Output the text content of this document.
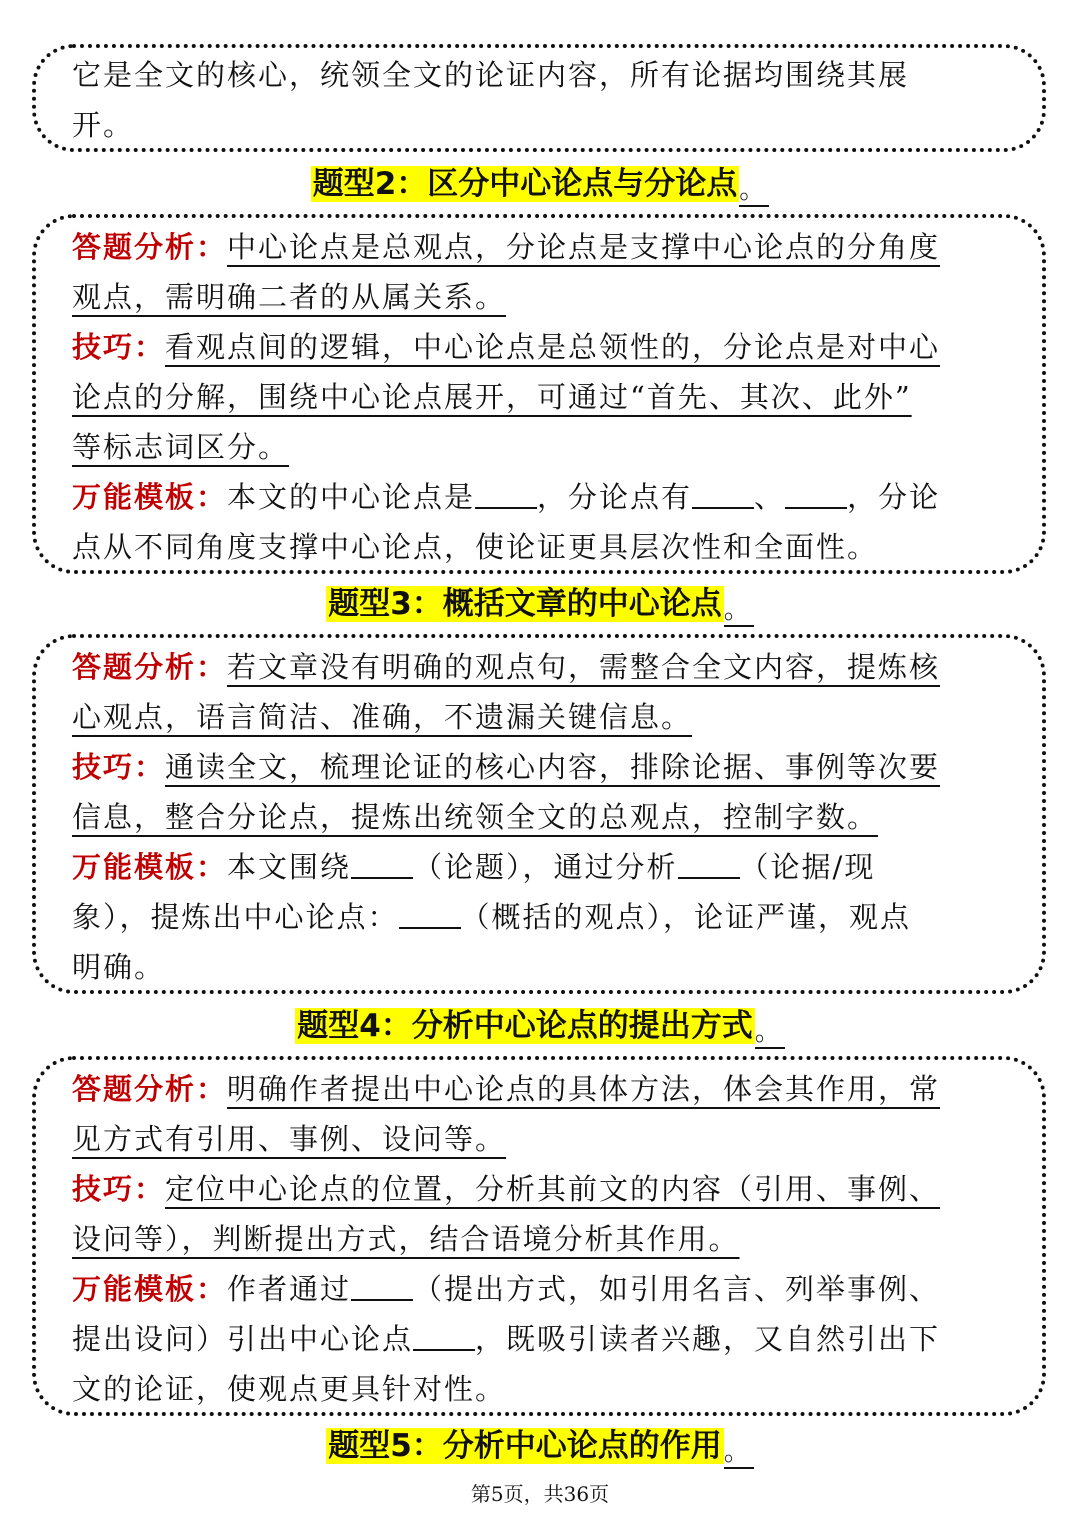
它是全文的核心，统领全文的论证内容，所有论据均围绕其展

开。

题型2：区分中心论点与分论点。

答题分析：中心论点是总观点，分论点是支撑中心论点的分角度

观点，需明确二者的从属关系。

技巧：看观点间的逻辑，中心论点是总领性的，分论点是对中心

论点的分解，围绕中心论点展开，可通过“首先、其次、此外”

等标志词区分。

万能模板：本文的中心论点是 ，分论点有 、 ，分论

点从不同角度支撑中心论点，使论证更具层次性和全面性。

题型3：概括文章的中心论点。

答题分析：若文章没有明确的观点句，需整合全文内容，提炼核

心观点，语言简洁、准确，不遗漏关键信息。

技巧：通读全文，梳理论证的核心内容，排除论据、事例等次要

信息，整合分论点，提炼出统领全文的总观点，控制字数。

万能模板：本文围绕 （论题），通过分析 （论据/现

象），提炼出中心论点： （概括的观点），论证严谨，观点

明确。

题型4：分析中心论点的提出方式。

答题分析：明确作者提出中心论点的具体方法，体会其作用，常

见方式有引用、事例、设问等。

技巧：定位中心论点的位置，分析其前文的内容（引用、事例、

设问等），判断提出方式，结合语境分析其作用。

万能模板：作者通过 （提出方式，如引用名言、列举事例、

提出设问）引出中心论点 ，既吸引读者兴趣，又自然引出下

文的论证，使观点更具针对性。

题型5：分析中心论点的作用。
第5页，共36页
